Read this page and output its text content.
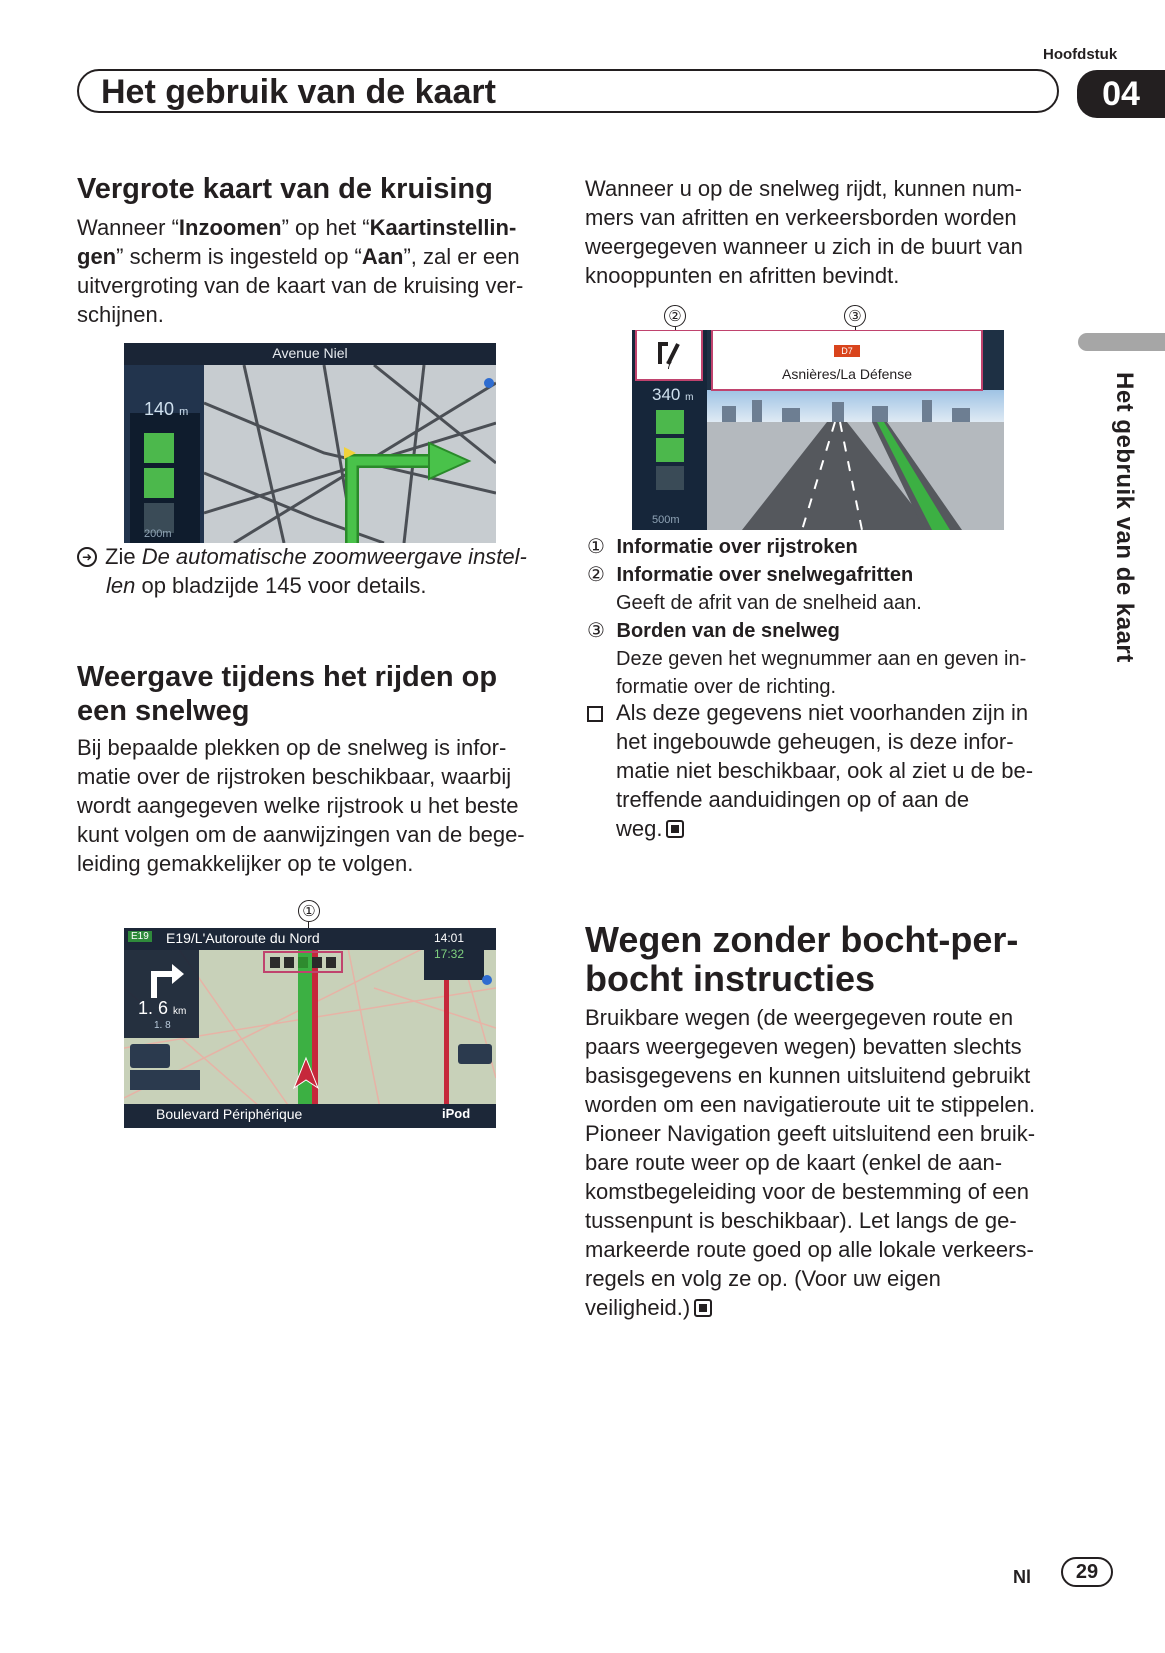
Hoofdstuk
Het gebruik van de kaart	04
Het gebruik van de kaart
Vergrote kaart van de kruising
Wanneer “Inzoomen” op het “Kaartinstellin-
gen” scherm is ingesteld op “Aan”, zal er een
uitvergroting van de kaart van de kruising ver-
schijnen.
Avenue Niel
140 m
200m
➜ Zie De automatische zoomweergave instel-
len op bladzijde 145 voor details.
Weergave tijdens het rijden op
een snelweg
Bij bepaalde plekken op de snelweg is infor-
matie over de rijstroken beschikbaar, waarbij
wordt aangegeven welke rijstrook u het beste
kunt volgen om de aanwijzingen van de bege-
leiding gemakkelijker op te volgen.
①
E19 E19/L'Autoroute du Nord	14:01
17:32
1. 6 km
1. 8
Boulevard Périphérique	iPod
Wanneer u op de snelweg rijdt, kunnen num-
mers van afritten en verkeersborden worden
weergegeven wanneer u zich in de buurt van
knooppunten en afritten bevindt.
②	③
7
D7
Asnières/La Défense
340 m
500m
① Informatie over rijstroken
② Informatie over snelwegafritten
Geeft de afrit van de snelheid aan.
③ Borden van de snelweg
Deze geven het wegnummer aan en geven in-
formatie over de richting.
Als deze gegevens niet voorhanden zijn in
het ingebouwde geheugen, is deze infor-
matie niet beschikbaar, ook al ziet u de be-
treffende aanduidingen op of aan de
weg.
Wegen zonder bocht-per-
bocht instructies
Bruikbare wegen (de weergegeven route en
paars weergegeven wegen) bevatten slechts
basisgegevens en kunnen uitsluitend gebruikt
worden om een navigatieroute uit te stippelen.
Pioneer Navigation geeft uitsluitend een bruik-
bare route weer op de kaart (enkel de aan-
komstbegeleiding voor de bestemming of een
tussenpunt is beschikbaar). Let langs de ge-
markeerde route goed op alle lokale verkeers-
regels en volg ze op. (Voor uw eigen
veiligheid.)
Nl	29
